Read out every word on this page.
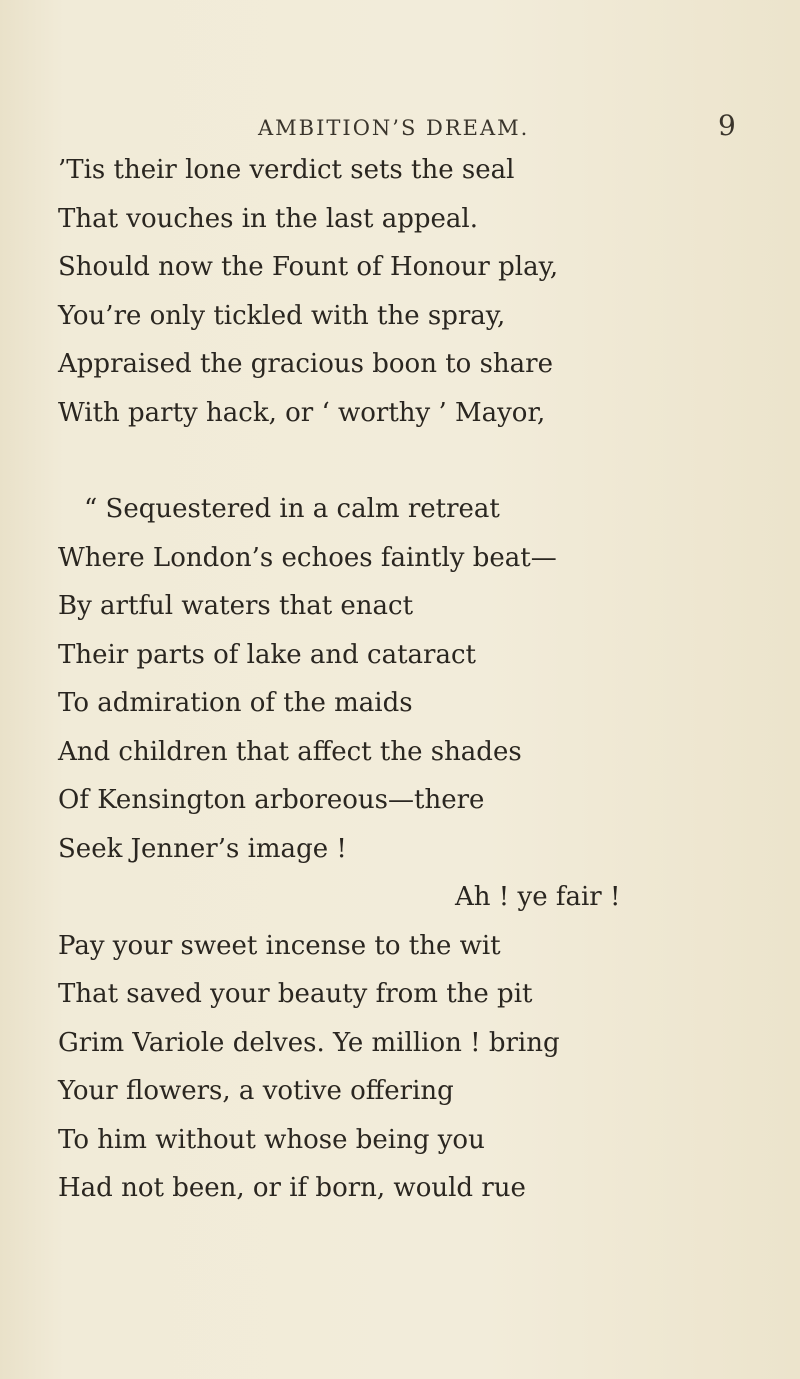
AMBITION’S DREAM.	9
’Tis their lone verdict sets the seal
That vouches in the last appeal.
Should now the Fount of Honour play,
You’re only tickled with the spray,
Appraised the gracious boon to share
With party hack, or ‘ worthy ’ Mayor,
“ Sequestered in a calm retreat
Where London’s echoes faintly beat—
By artful waters that enact
Their parts of lake and cataract
To admiration of the maids
And children that affect the shades
Of Kensington arboreous—there
Seek Jenner’s image !
Ah ! ye fair !
Pay your sweet incense to the wit
That saved your beauty from the pit
Grim Variole delves. Ye million ! bring
Your flowers, a votive offering
To him without whose being you
Had not been, or if born, would rue
